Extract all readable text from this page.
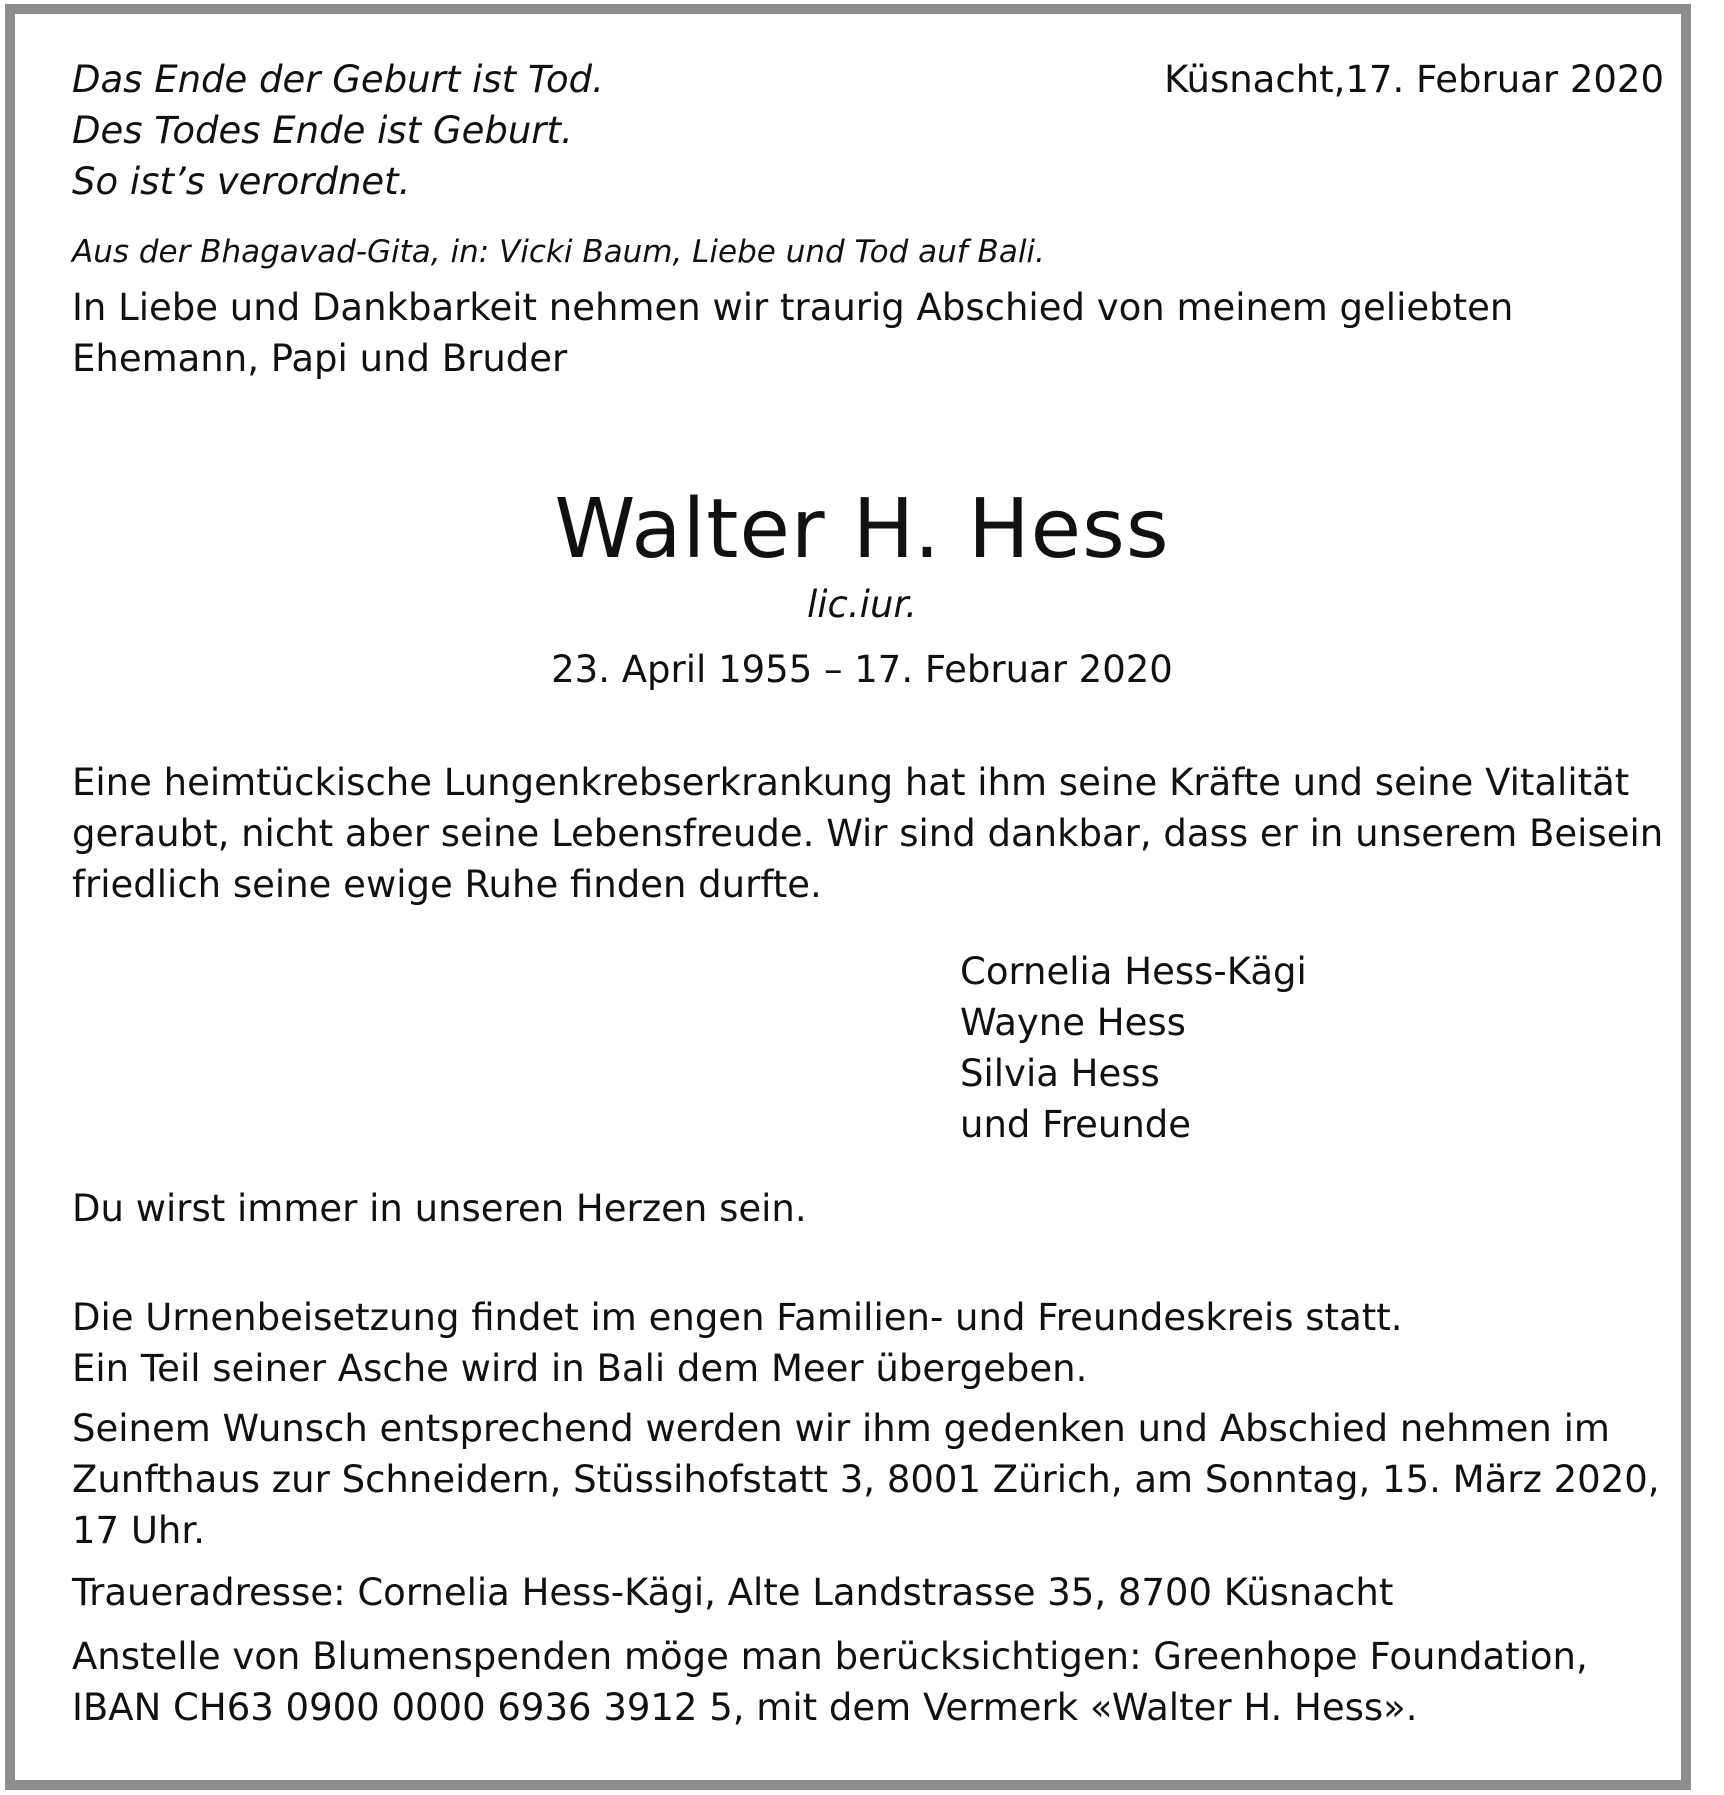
Das Ende der Geburt ist Tod.
Des Todes Ende ist Geburt.
So ist’s verordnet.
Aus der Bhagavad-Gita, in: Vicki Baum, Liebe und Tod auf Bali.
Küsnacht,17. Februar 2020
In Liebe und Dankbarkeit nehmen wir traurig Abschied von meinem geliebten
Ehemann, Papi und Bruder
Walter H. Hess
lic.iur.
23. April 1955 – 17. Februar 2020
Eine heimtückische Lungenkrebserkrankung hat ihm seine Kräfte und seine Vitalität
geraubt, nicht aber seine Lebensfreude. Wir sind dankbar, dass er in unserem Beisein
friedlich seine ewige Ruhe finden durfte.
Cornelia Hess-Kägi
Wayne Hess
Silvia Hess
und Freunde
Du wirst immer in unseren Herzen sein.
Die Urnenbeisetzung findet im engen Familien- und Freundeskreis statt.
Ein Teil seiner Asche wird in Bali dem Meer übergeben.
Seinem Wunsch entsprechend werden wir ihm gedenken und Abschied nehmen im
Zunfthaus zur Schneidern, Stüssihofstatt 3, 8001 Zürich, am Sonntag, 15. März 2020,
17 Uhr.
Traueradresse: Cornelia Hess-Kägi, Alte Landstrasse 35, 8700 Küsnacht
Anstelle von Blumenspenden möge man berücksichtigen: Greenhope Foundation,
IBAN CH63 0900 0000 6936 3912 5, mit dem Vermerk «Walter H. Hess».
